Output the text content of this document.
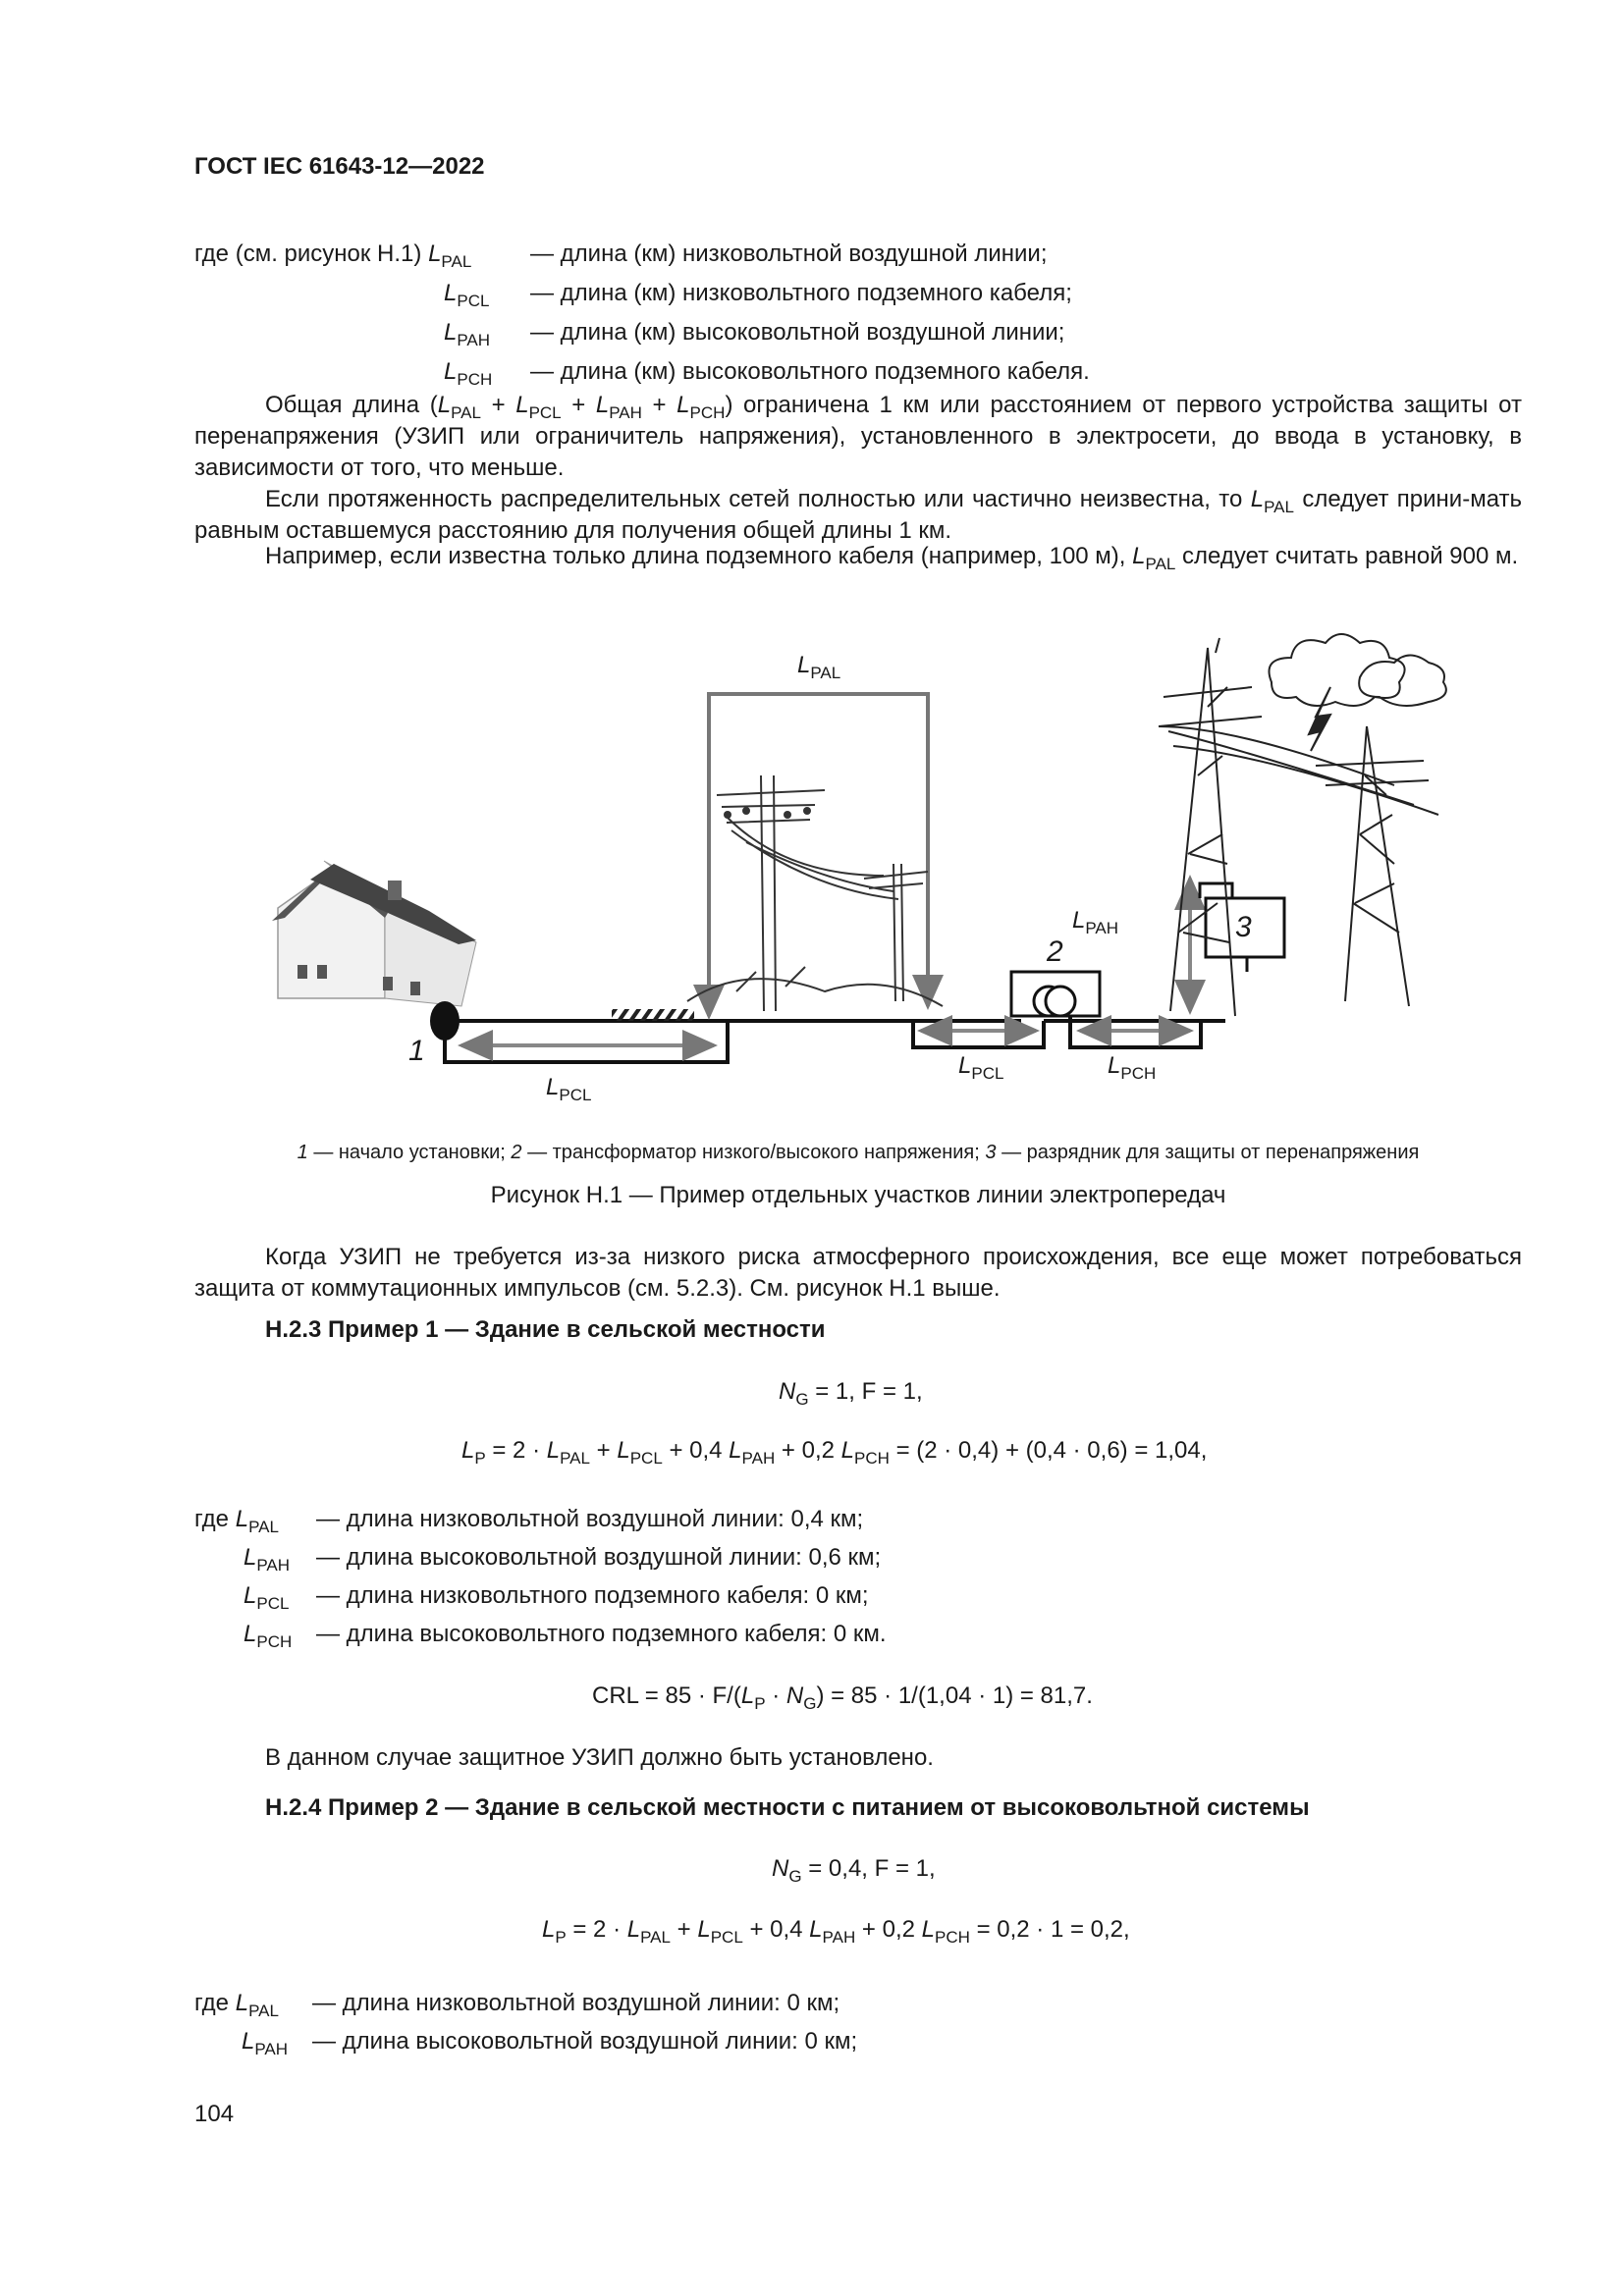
ГОСТ IEC 61643-12—2022
где (см. рисунок H.1) $L_{PAL}$ — длина (км) низковольтной воздушной линии;
$L_{PCL}$ — длина (км) низковольтного подземного кабеля;
$L_{PAH}$ — длина (км) высоковольтной воздушной линии;
$L_{PCH}$ — длина (км) высоковольтного подземного кабеля.
Общая длина $(L_{PAL} + L_{PCL} + L_{PAH} + L_{PCH})$ ограничена 1 км или расстоянием от первого устройства защиты от перенапряжения (УЗИП или ограничитель напряжения), установленного в электросети, до ввода в установку, в зависимости от того, что меньше.
Если протяженность распределительных сетей полностью или частично неизвестна, то $L_{PAL}$ следует прини-мать равным оставшемуся расстоянию для получения общей длины 1 км.
Например, если известна только длина подземного кабеля (например, 100 м), $L_{PAL}$ следует считать равной 900 м.
$L_{PAL}$
$L_{PAH}$
$L_{PCL}$
$L_{PCL}$	$L_{PCH}$
1
2
3
1 — начало установки; 2 — трансформатор низкого/высокого напряжения; 3 — разрядник для защиты от перенапряжения
Рисунок H.1 — Пример отдельных участков линии электропередач
Когда УЗИП не требуется из-за низкого риска атмосферного происхождения, все еще может потребоваться защита от коммутационных импульсов (см. 5.2.3). См. рисунок H.1 выше.
H.2.3 Пример 1 — Здание в сельской местности
$N_G = 1$, F = 1,
$L_P = 2 \cdot L_{PAL} + L_{PCL} + 0,4$ $L_{PAH} + 0,2$ $L_{PCH} = (2 \cdot 0,4) + (0,4 \cdot 0,6) = 1,04$,
где $L_{PAL}$ — длина низковольтной воздушной линии: 0,4 км;
$L_{PAH}$ — длина высоковольтной воздушной линии: 0,6 км;
$L_{PCL}$ — длина низковольтного подземного кабеля: 0 км;
$L_{PCH}$ — длина высоковольтного подземного кабеля: 0 км.
CRL = $85 \cdot F/(L_P \cdot N_G) = 85 \cdot 1/(1,04 \cdot 1) = 81,7$.
В данном случае защитное УЗИП должно быть установлено.
H.2.4 Пример 2 — Здание в сельской местности с питанием от высоковольтной системы
$N_G = 0,4$, F = 1,
$L_P = 2 \cdot L_{PAL} + L_{PCL} + 0,4$ $L_{PAH} + 0,2$ $L_{PCH} = 0,2 \cdot 1 = 0,2$,
где $L_{PAL}$ — длина низковольтной воздушной линии: 0 км;
$L_{PAH}$ — длина высоковольтной воздушной линии: 0 км;
104
